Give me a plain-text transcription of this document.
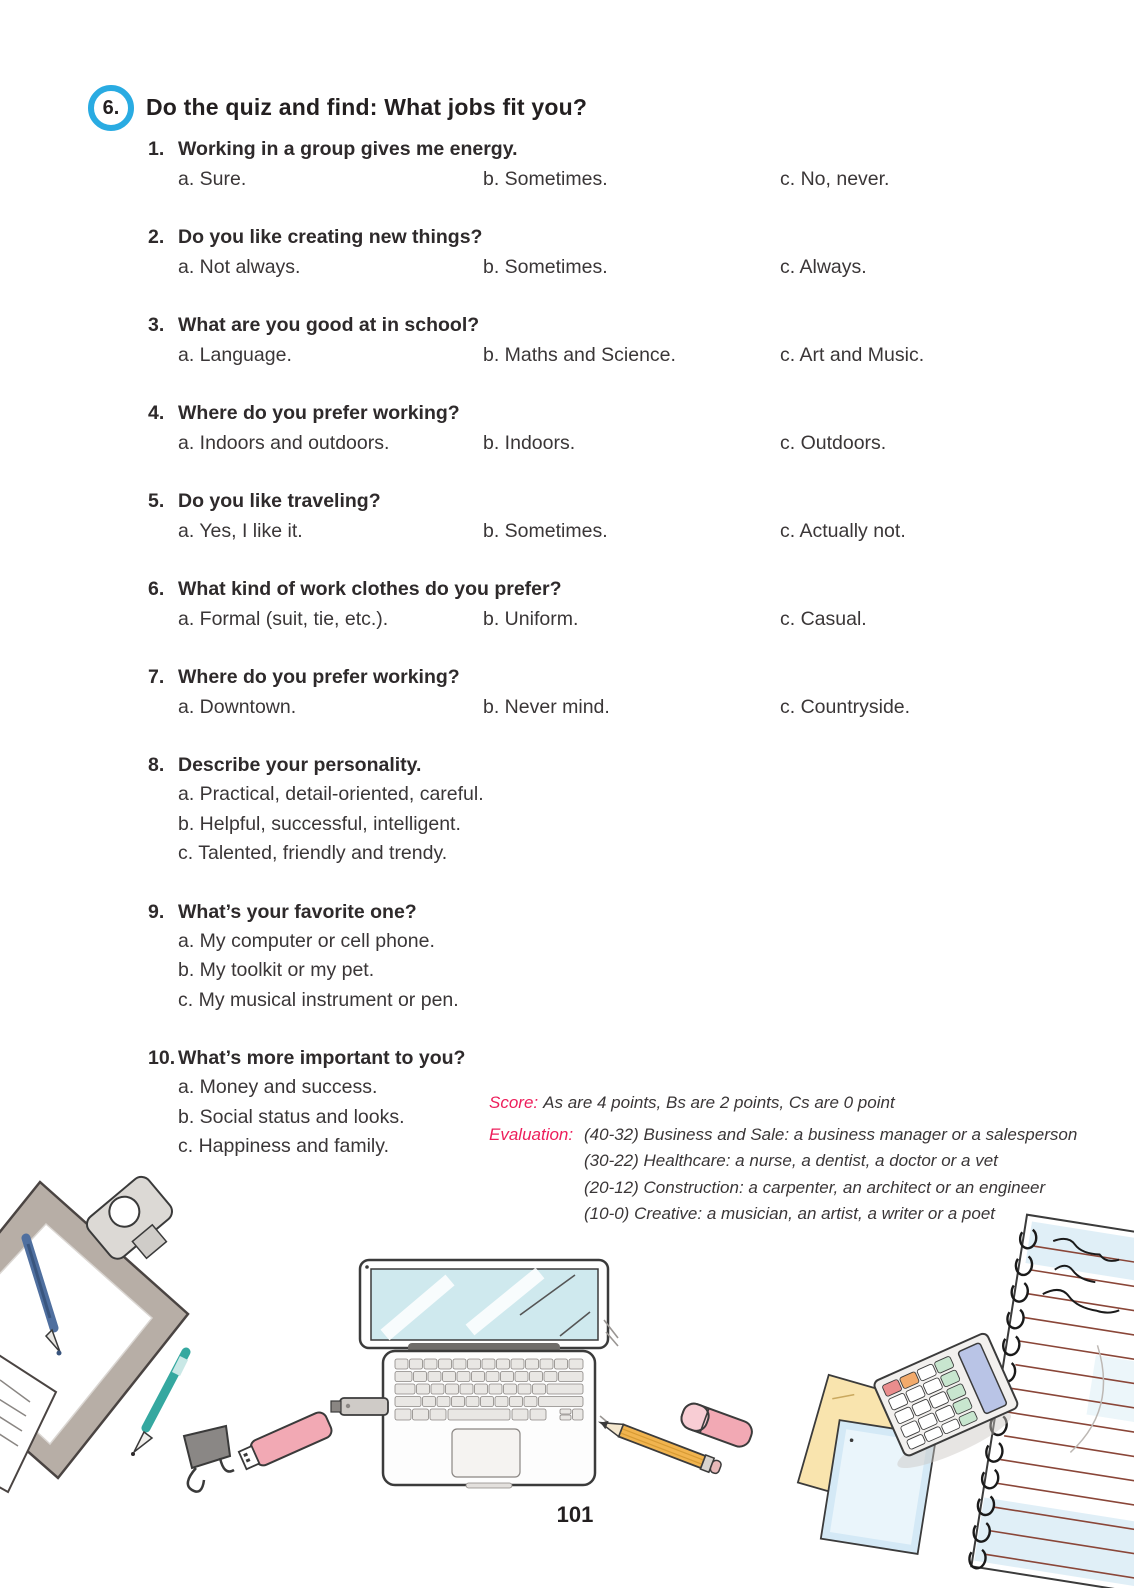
6. Do the quiz and find: What jobs fit you?
1. Working in a group gives me energy.
a. Sure.	b. Sometimes.	c. No, never.
2. Do you like creating new things?
a. Not always.	b. Sometimes.	c. Always.
3. What are you good at in school?
a. Language.	b. Maths and Science.	c. Art and Music.
4. Where do you prefer working?
a. Indoors and outdoors.	b. Indoors.	c. Outdoors.
5. Do you like traveling?
a. Yes, I like it.	b. Sometimes.	c. Actually not.
6. What kind of work clothes do you prefer?
a. Formal (suit, tie, etc.).	b. Uniform.	c. Casual.
7. Where do you prefer working?
a. Downtown.	b. Never mind.	c. Countryside.
8. Describe your personality.
a. Practical, detail-oriented, careful.
b. Helpful, successful, intelligent.
c. Talented, friendly and trendy.
9. What’s your favorite one?
a. My computer or cell phone.
b. My toolkit or my pet.
c. My musical instrument or pen.
10. What’s more important to you?
a. Money and success.
b. Social status and looks.
c. Happiness and family.
Score: As are 4 points, Bs are 2 points, Cs are 0 point
Evaluation: (40-32) Business and Sale: a business manager or a salesperson
(30-22) Healthcare: a nurse, a dentist, a doctor or a vet
(20-12) Construction: a carpenter, an architect or an engineer
(10-0) Creative: a musician, an artist, a writer or a poet
101
